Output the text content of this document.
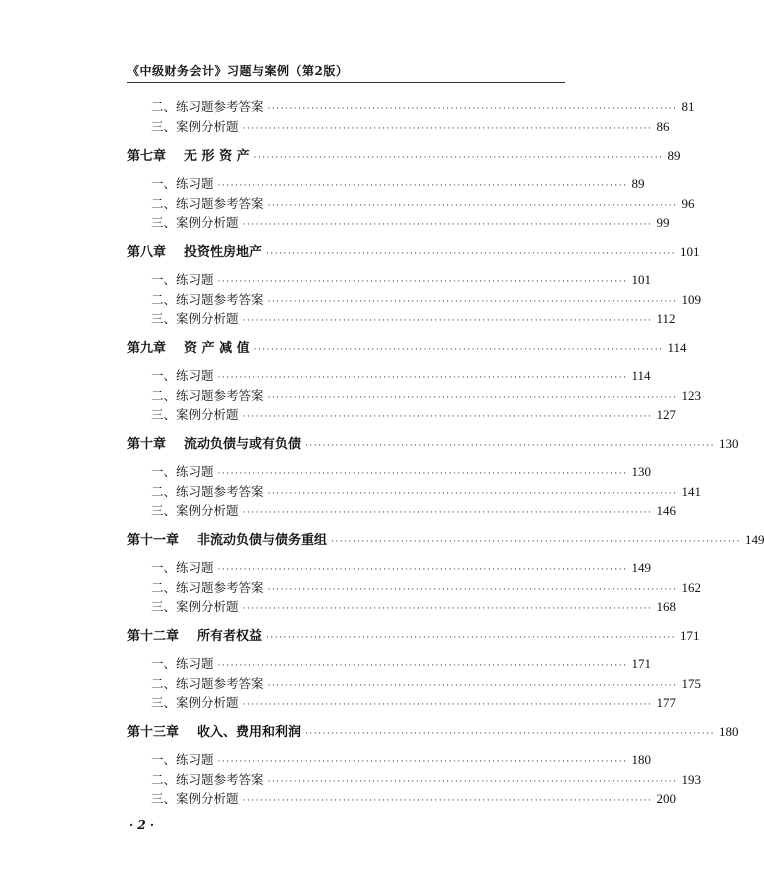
《中级财务会计》习题与案例（第2版）
二、练习题参考答案 ······························································································ 81
三、案例分析题 ······························································································ 86
第七章 无 形 资 产 ······························································································ 89
一、练习题 ······························································································ 89
二、练习题参考答案 ······························································································ 96
三、案例分析题 ······························································································ 99
第八章 投资性房地产 ······························································································ 101
一、练习题 ······························································································ 101
二、练习题参考答案 ······························································································ 109
三、案例分析题 ······························································································ 112
第九章 资 产 减 值 ······························································································ 114
一、练习题 ······························································································ 114
二、练习题参考答案 ······························································································ 123
三、案例分析题 ······························································································ 127
第十章 流动负债与或有负债 ······························································································ 130
一、练习题 ······························································································ 130
二、练习题参考答案 ······························································································ 141
三、案例分析题 ······························································································ 146
第十一章 非流动负债与债务重组 ······························································································ 149
一、练习题 ······························································································ 149
二、练习题参考答案 ······························································································ 162
三、案例分析题 ······························································································ 168
第十二章 所有者权益 ······························································································ 171
一、练习题 ······························································································ 171
二、练习题参考答案 ······························································································ 175
三、案例分析题 ······························································································ 177
第十三章 收入、费用和利润 ······························································································ 180
一、练习题 ······························································································ 180
二、练习题参考答案 ······························································································ 193
三、案例分析题 ······························································································ 200
· 2 ·
